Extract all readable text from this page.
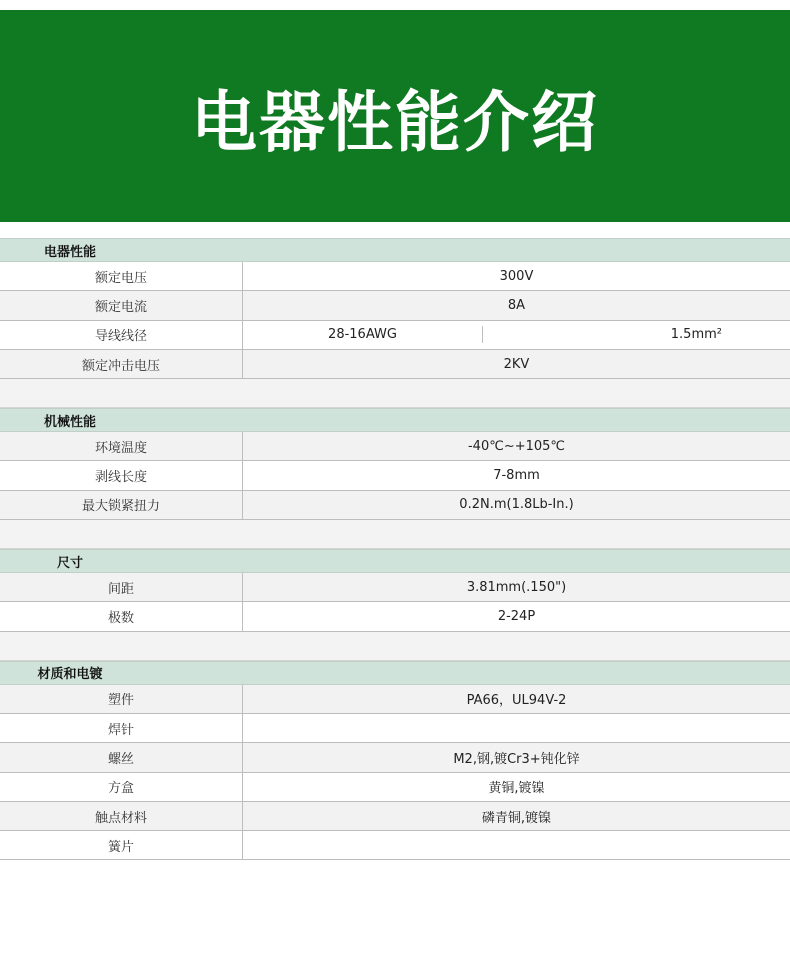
电器性能介绍
电器性能
额定电压	300V
额定电流	8A
导线线径	28-16AWG	1.5mm²
额定冲击电压	2KV
机械性能
环境温度	-40℃~+105℃
剥线长度	7-8mm
最大锁紧扭力	0.2N.m(1.8Lb-In.)
尺寸
间距	3.81mm(.150")
极数	2-24P
材质和电镀
塑件	PA66，UL94V-2
焊针
螺丝	M2,钢,镀Cr3+钝化锌
方盒	黄铜,镀镍
触点材料	磷青铜,镀镍
簧片
